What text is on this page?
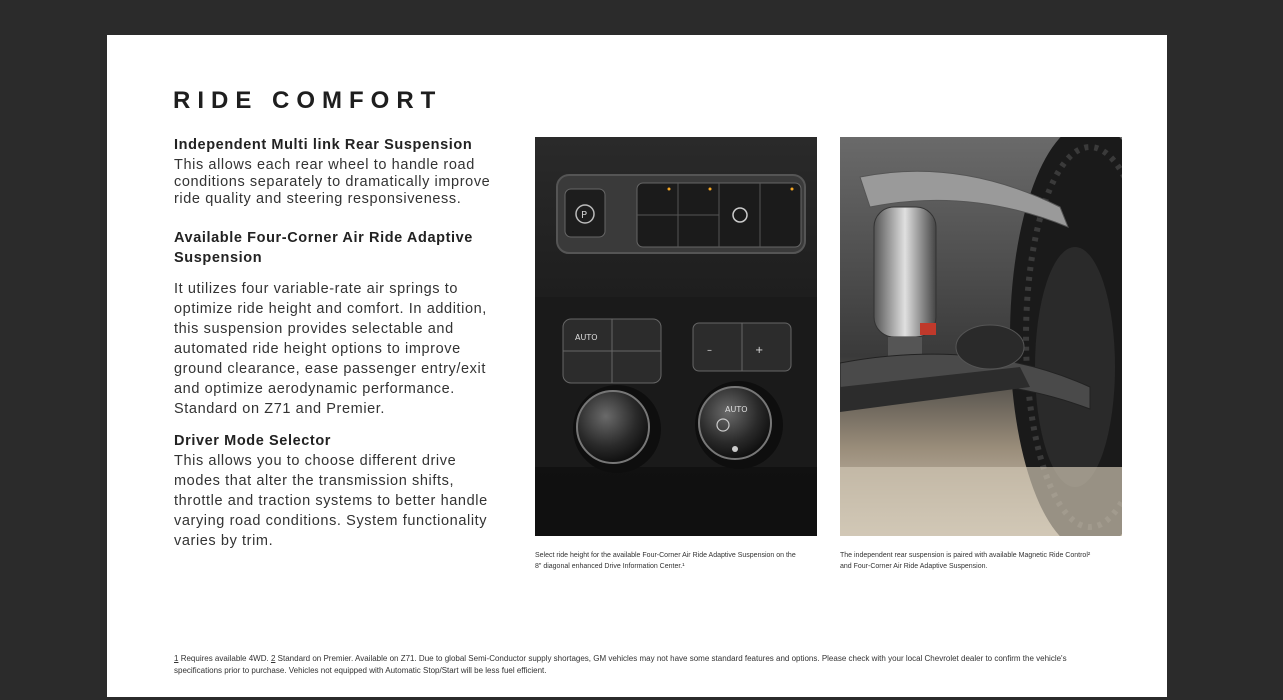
RIDE COMFORT

Independent Multi link Rear Suspension

This allows each rear wheel to handle road conditions separately to dramatically improve ride quality and steering responsiveness.

Available Four-Corner Air Ride Adaptive Suspension

It utilizes four variable-rate air springs to optimize ride height and comfort. In addition, this suspension provides selectable and automated ride height options to improve ground clearance, ease passenger entry/exit and optimize aerodynamic performance. Standard on Z71 and Premier.

Driver Mode Selector

This allows you to choose different drive modes that alter the transmission shifts, throttle and traction systems to better handle varying road conditions. System functionality varies by trim.

P
AUTO
–	+
AUTO

Select ride height for the available Four-Corner Air Ride Adaptive Suspension on the 8" diagonal enhanced Drive Information Center.¹

The independent rear suspension is paired with available Magnetic Ride Control² and Four-Corner Air Ride Adaptive Suspension.

1 Requires available 4WD. 2 Standard on Premier. Available on Z71. Due to global Semi-Conductor supply shortages, GM vehicles may not have some standard features and options. Please check with your local Chevrolet dealer to confirm the vehicle's specifications prior to purchase. Vehicles not equipped with Automatic Stop/Start will be less fuel efficient.
